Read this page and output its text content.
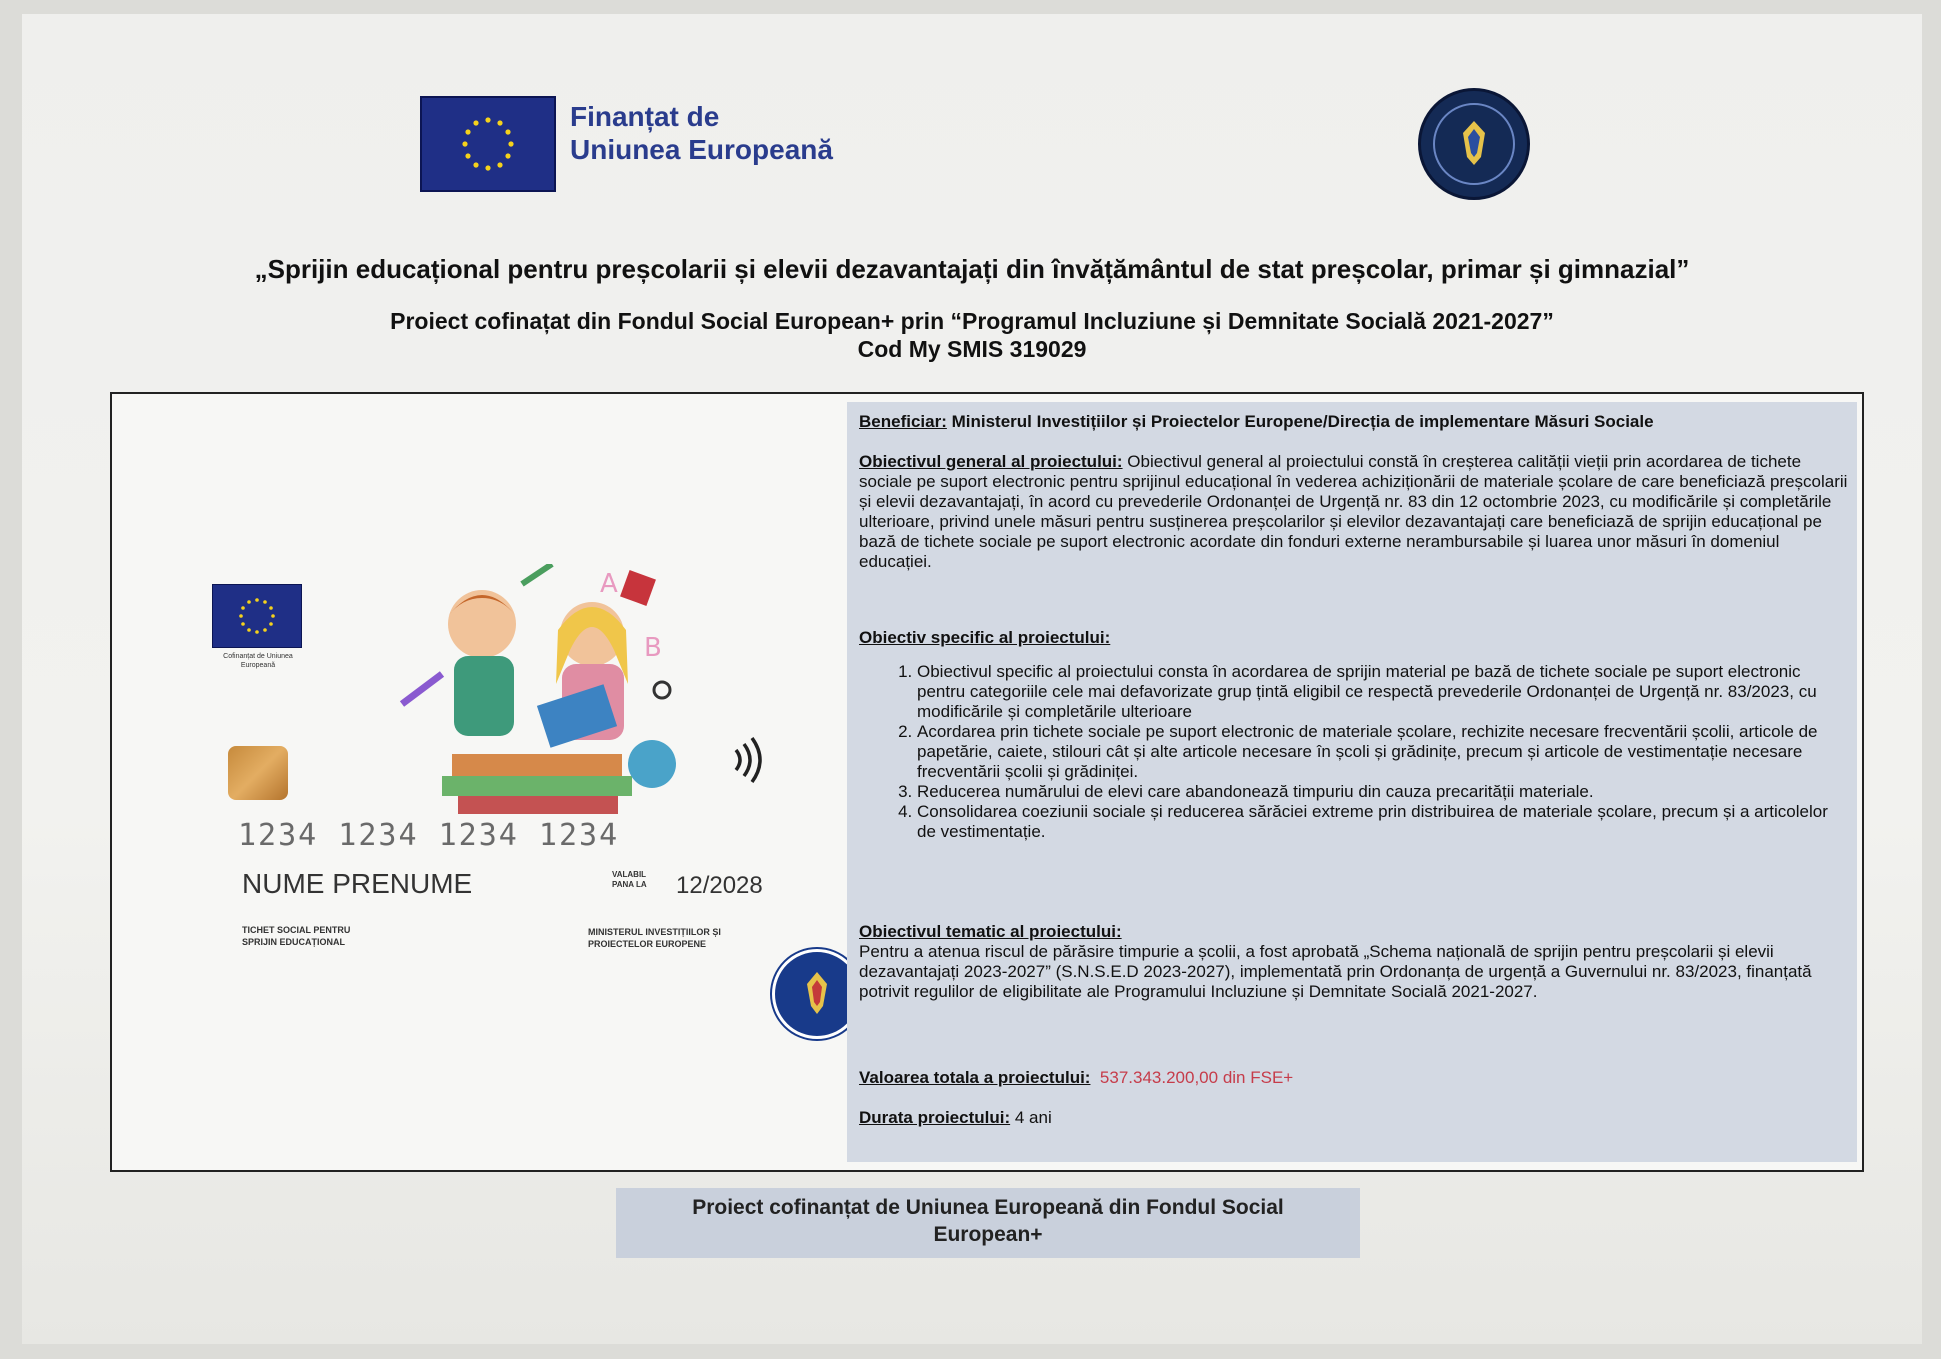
Finanțat de
Uniunea Europeană
„Sprijin educațional pentru preșcolarii și elevii dezavantajați din învățământul de stat preșcolar, primar și gimnazial”
Proiect cofinațat din Fondul Social European+ prin “Programul Incluziune și Demnitate Socială 2021-2027”
Cod My SMIS 319029
Cofinanțat de Uniunea Europeană
A
B
1234 1234 1234 1234
NUME PRENUME	VALABIL PANA LA 12/2028
TICHET SOCIAL PENTRU
SPRIJIN EDUCAȚIONAL
MINISTERUL INVESTIȚIILOR ȘI
PROIECTELOR EUROPENE
Beneficiar: Ministerul Investițiilor și Proiectelor Europene/Direcția de implementare Măsuri Sociale
Obiectivul general al proiectului: Obiectivul general al proiectului constă în creșterea calității vieții prin acordarea de tichete sociale pe suport electronic pentru sprijinul educațional în vederea achiziționării de materiale școlare de care beneficiază preșcolarii și elevii dezavantajați, în acord cu prevederile Ordonanței de Urgență nr. 83 din 12 octombrie 2023, cu modificările și completările ulterioare, privind unele măsuri pentru susținerea preșcolarilor și elevilor dezavantajați care beneficiază de sprijin educațional pe bază de tichete sociale pe suport electronic acordate din fonduri externe nerambursabile și luarea unor măsuri în domeniul educației.
Obiectiv specific al proiectului:
1. Obiectivul specific al proiectului consta în acordarea de sprijin material pe bază de tichete sociale pe suport electronic pentru categoriile cele mai defavorizate grup țintă eligibil ce respectă prevederile Ordonanței de Urgență nr. 83/2023, cu modificările și completările ulterioare
2. Acordarea prin tichete sociale pe suport electronic de materiale școlare, rechizite necesare frecventării școlii, articole de papetărie, caiete, stilouri cât și alte articole necesare în școli și grădinițe, precum și articole de vestimentație necesare frecventării școlii și grădiniței.
3. Reducerea numărului de elevi care abandonează timpuriu din cauza precarității materiale.
4. Consolidarea coeziunii sociale și reducerea sărăciei extreme prin distribuirea de materiale școlare, precum și a articolelor de vestimentație.
Obiectivul tematic al proiectului:
Pentru a atenua riscul de părăsire timpurie a școlii, a fost aprobată „Schema națională de sprijin pentru preșcolarii și elevii dezavantajați 2023-2027” (S.N.S.E.D 2023-2027), implementată prin Ordonanța de urgență a Guvernului nr. 83/2023, finanțată potrivit regulilor de eligibilitate ale Programului Incluziune și Demnitate Socială 2021-2027.
Valoarea totala a proiectului: 537.343.200,00 din FSE+
Durata proiectului: 4 ani
Proiect cofinanțat de Uniunea Europeană din Fondul Social
European+
